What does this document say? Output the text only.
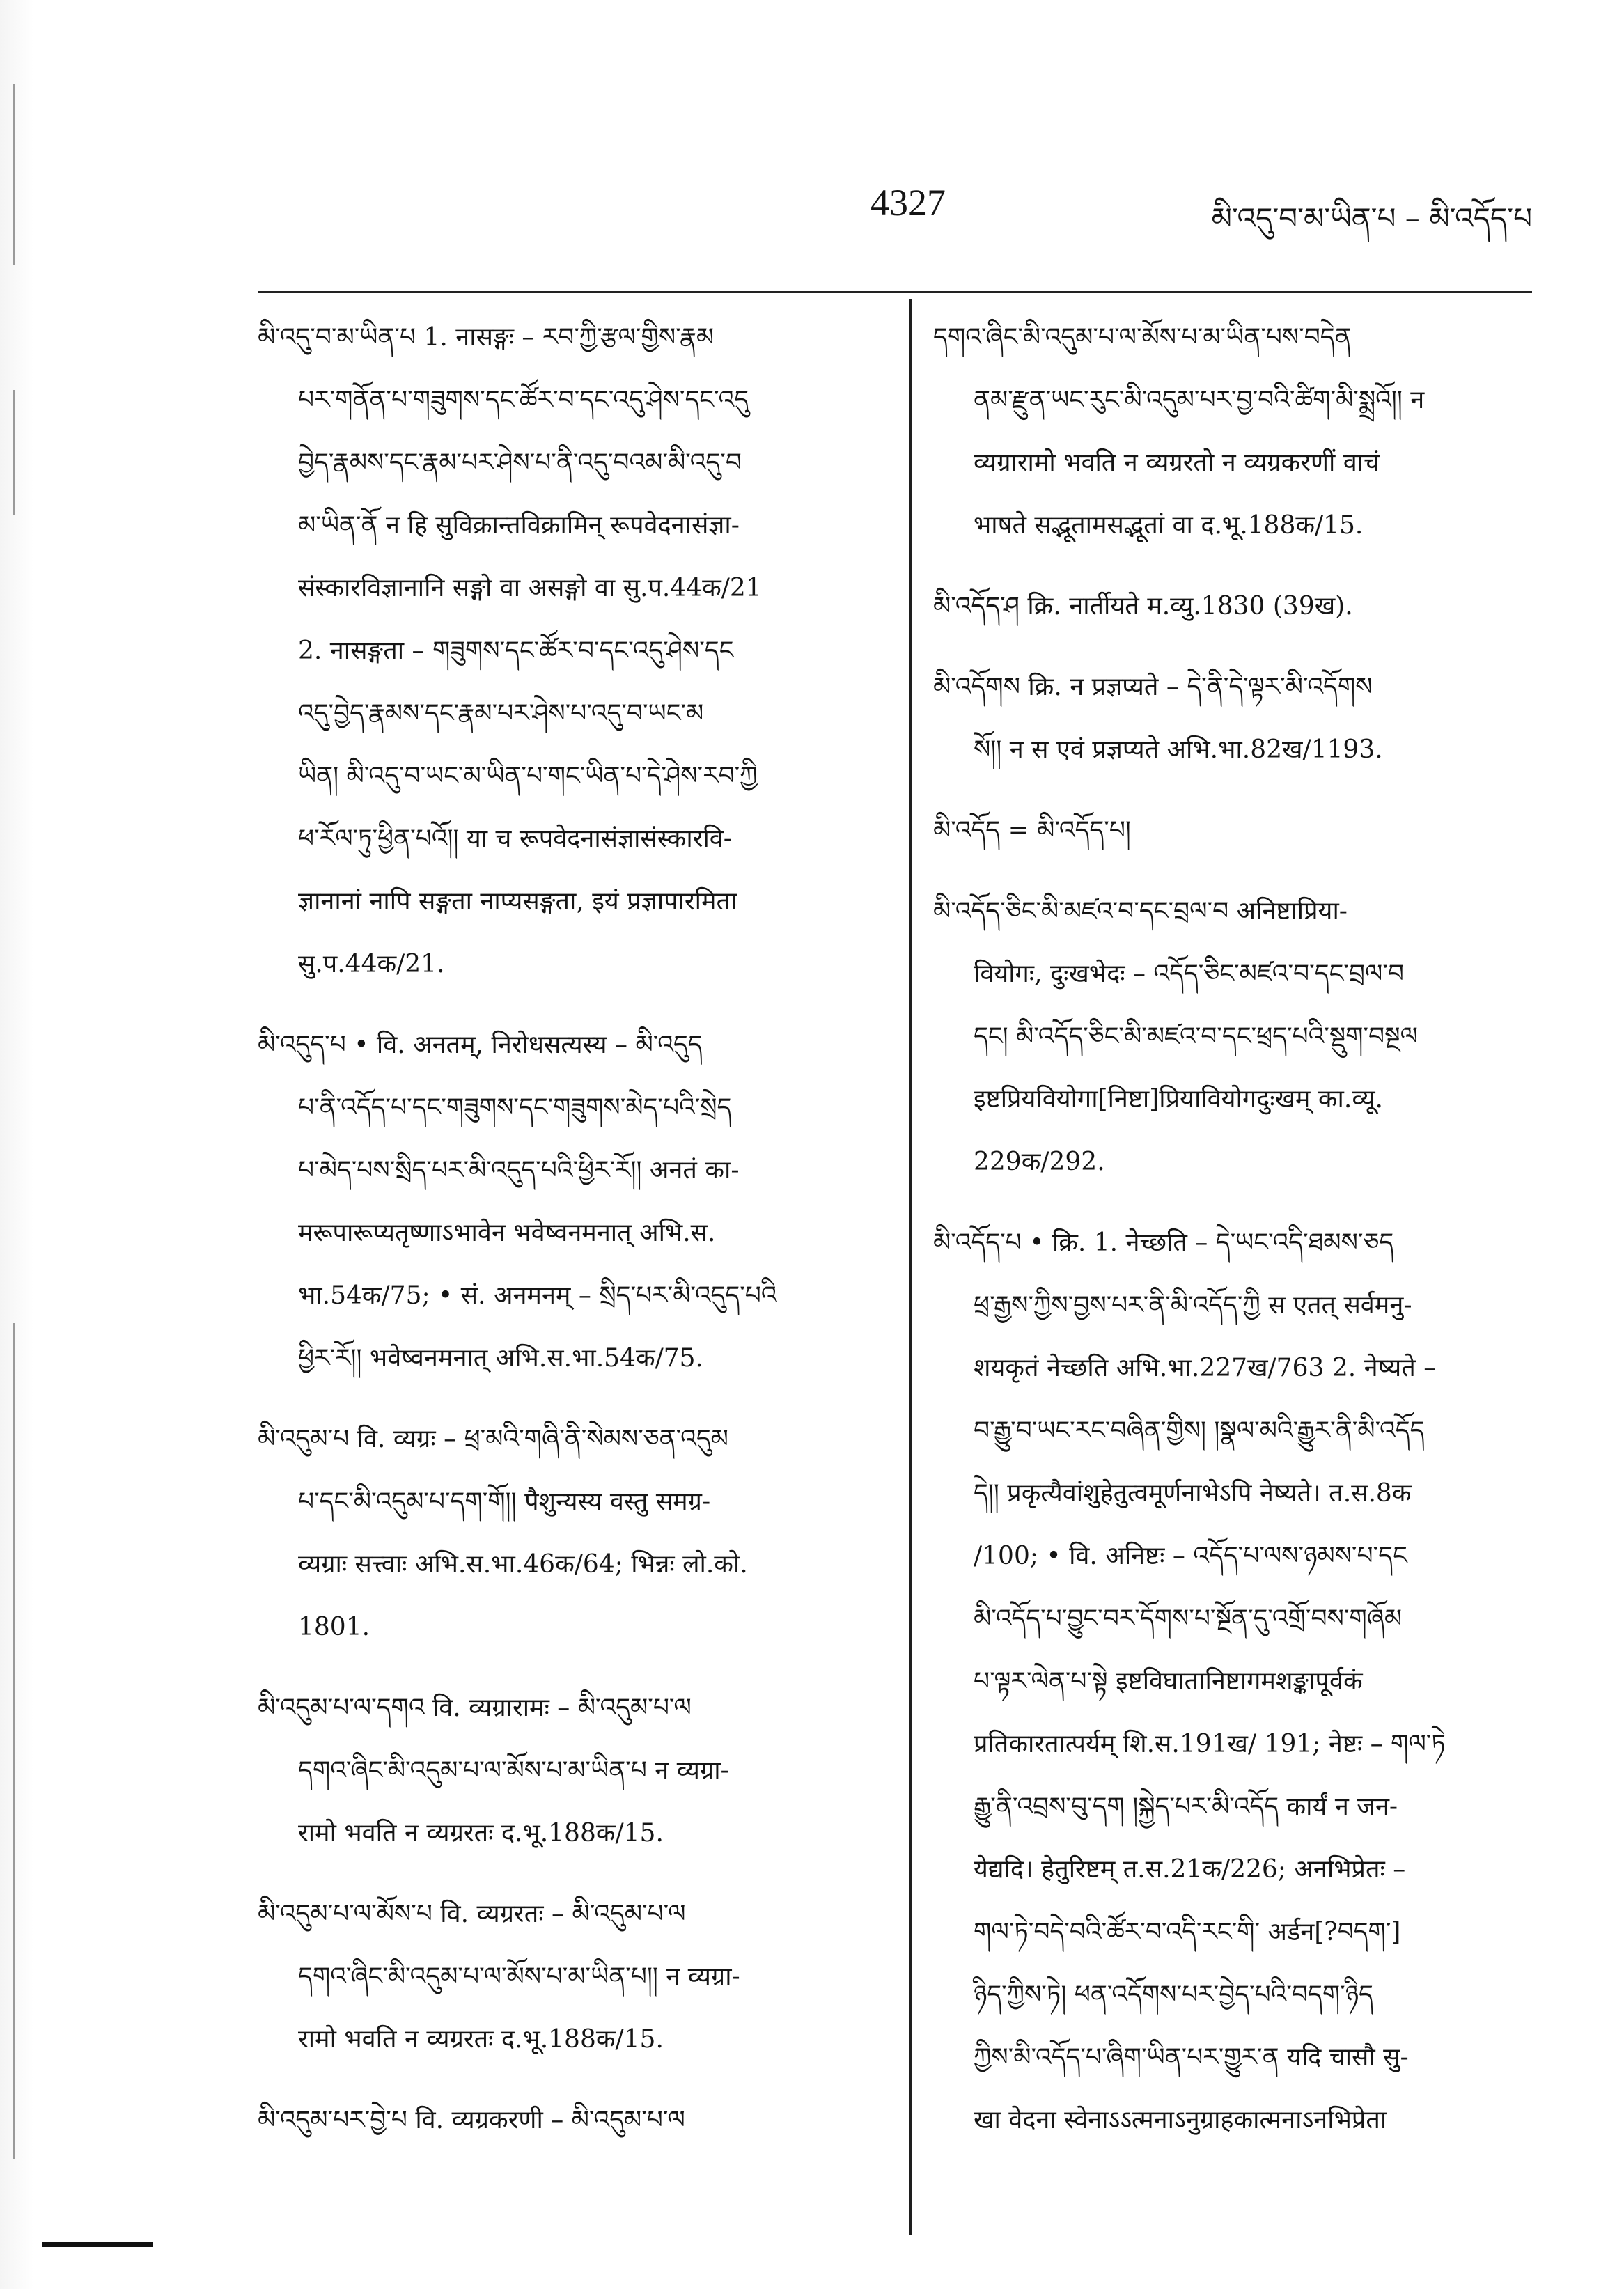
4327	མི་འདུ་བ་མ་ཡིན་པ – མི་འདོད་པ
མི་འདུ་བ་མ་ཡིན་པ 1. नासङ्गः – རབ་ཀྱི་རྩལ་གྱིས་རྣམ
པར་གནོན་པ་གཟུགས་དང་ཚོར་བ་དང་འདུ་ཤེས་དང་འདུ
བྱེད་རྣམས་དང་རྣམ་པར་ཤེས་པ་ནི་འདུ་བའམ་མི་འདུ་བ
མ་ཡིན་ནོ न हि सुविक्रान्तविक्रामिन् रूपवेदनासंज्ञा-
संस्कारविज्ञानानि सङ्गो वा असङ्गो वा सु.प.44क/21
2. नासङ्गता – གཟུགས་དང་ཚོར་བ་དང་འདུ་ཤེས་དང
འདུ་བྱེད་རྣམས་དང་རྣམ་པར་ཤེས་པ་འདུ་བ་ཡང་མ
ཡིན། མི་འདུ་བ་ཡང་མ་ཡིན་པ་གང་ཡིན་པ་དེ་ཤེས་རབ་ཀྱི
ཕ་རོལ་ཏུ་ཕྱིན་པའོ།། या च रूपवेदनासंज्ञासंस्कारवि-
ज्ञानानां नापि सङ्गता नाप्यसङ्गता, इयं प्रज्ञापारमिता
सु.प.44क/21.
མི་འདུད་པ • वि. अनतम्, निरोधसत्यस्य – མི་འདུད
པ་ནི་འདོད་པ་དང་གཟུགས་དང་གཟུགས་མེད་པའི་སྲེད
པ་མེད་པས་སྲིད་པར་མི་འདུད་པའི་ཕྱིར་རོ།། अनतं का-
मरूपारूप्यतृष्णाऽभावेन भवेष्वनमनात् अभि.स.
भा.54क/75; • सं. अनमनम् – སྲིད་པར་མི་འདུད་པའི
ཕྱིར་རོ།། भवेष्वनमनात् अभि.स.भा.54क/75.
མི་འདུམ་པ वि. व्यग्रः – ཕྲ་མའི་གཞི་ནི་སེམས་ཅན་འདུམ
པ་དང་མི་འདུམ་པ་དག་གོ།། पैशुन्यस्य वस्तु समग्र-
व्यग्राः सत्त्वाः अभि.स.भा.46क/64; भिन्नः लो.को.
1801.
མི་འདུམ་པ་ལ་དགའ वि. व्यग्रारामः – མི་འདུམ་པ་ལ
དགའ་ཞིང་མི་འདུམ་པ་ལ་མོས་པ་མ་ཡིན་པ न व्यग्रा-
रामो भवति न व्यग्ररतः द.भू.188क/15.
མི་འདུམ་པ་ལ་མོས་པ वि. व्यग्ररतः – མི་འདུམ་པ་ལ
དགའ་ཞིང་མི་འདུམ་པ་ལ་མོས་པ་མ་ཡིན་པ།། न व्यग्रा-
रामो भवति न व्यग्ररतः द.भू.188क/15.
མི་འདུམ་པར་བྱེ་པ वि. व्यग्रकरणी – མི་འདུམ་པ་ལ
དགའ་ཞིང་མི་འདུམ་པ་ལ་མོས་པ་མ་ཡིན་པས་བདེན
ནམ་རྫུན་ཡང་རུང་མི་འདུམ་པར་བྱ་བའི་ཚིག་མི་སྨྲའོ།། न
व्यग्रारामो भवति न व्यग्ररतो न व्यग्रकरणीं वाचं
भाषते सद्भूतामसद्भूतां वा द.भू.188क/15.
མི་འདོད་ཤ क्रि. नार्तीयते म.व्यु.1830 (39ख).
མི་འདོགས क्रि. न प्रज्ञप्यते – དེ་ནི་དེ་ལྟར་མི་འདོགས
སོ།། न स एवं प्रज्ञप्यते अभि.भा.82ख/1193.
མི་འདོད = མི་འདོད་པ།
མི་འདོད་ཅིང་མི་མཛའ་བ་དང་བྲལ་བ अनिष्टाप्रिया-
वियोगः, दुःखभेदः – འདོད་ཅིང་མཛའ་བ་དང་བྲལ་བ
དང། མི་འདོད་ཅིང་མི་མཛའ་བ་དང་ཕྲད་པའི་སྡུག་བསྔལ
इष्टप्रियवियोगा[निष्टा]प्रियावियोगदुःखम् का.व्यू.
229क/292.
མི་འདོད་པ • क्रि. 1. नेच्छति – དེ་ཡང་འདི་ཐམས་ཅད
ཕྲ་རྒྱས་ཀྱིས་བྱས་པར་ནི་མི་འདོད་ཀྱི स एतत् सर्वमनु-
शयकृतं नेच्छति अभि.भा.227ख/763 2. नेष्यते –
བ་རྒྱུ་བ་ཡང་རང་བཞིན་གྱིས། །སྣལ་མའི་རྒྱུར་ནི་མི་འདོད
དེ།། प्रकृत्यैवांशुहेतुत्वमूर्णनाभेऽपि नेष्यते। त.स.8क
/100; • वि. अनिष्टः – འདོད་པ་ལས་ཉམས་པ་དང
མི་འདོད་པ་བྱུང་བར་དོགས་པ་སྔོན་དུ་འགྲོ་བས་གཞོམ
པ་ལྟར་ལེན་པ་སྟེ इष्टविघातानिष्टागमशङ्कापूर्वकं
प्रतिकारतात्पर्यम् शि.स.191ख/ 191; नेष्टः – གལ་ཏེ
རྒྱུ་ནི་འབྲས་བུ་དག །སྐྱེད་པར་མི་འདོད कार्यं न जन-
येद्यदि। हेतुरिष्टम् त.स.21क/226; अनभिप्रेतः –
གལ་ཏེ་བདེ་བའི་ཚོར་བ་འདི་རང་གི་ अर्डन[?བདག་]
ཉིད་ཀྱིས་ཏེ། ཕན་འདོགས་པར་བྱེད་པའི་བདག་ཉིད
ཀྱིས་མི་འདོད་པ་ཞིག་ཡིན་པར་གྱུར་ན यदि चासौ सु-
खा वेदना स्वेनाऽऽत्मनाऽनुग्राहकात्मनाऽनभिप्रेता
